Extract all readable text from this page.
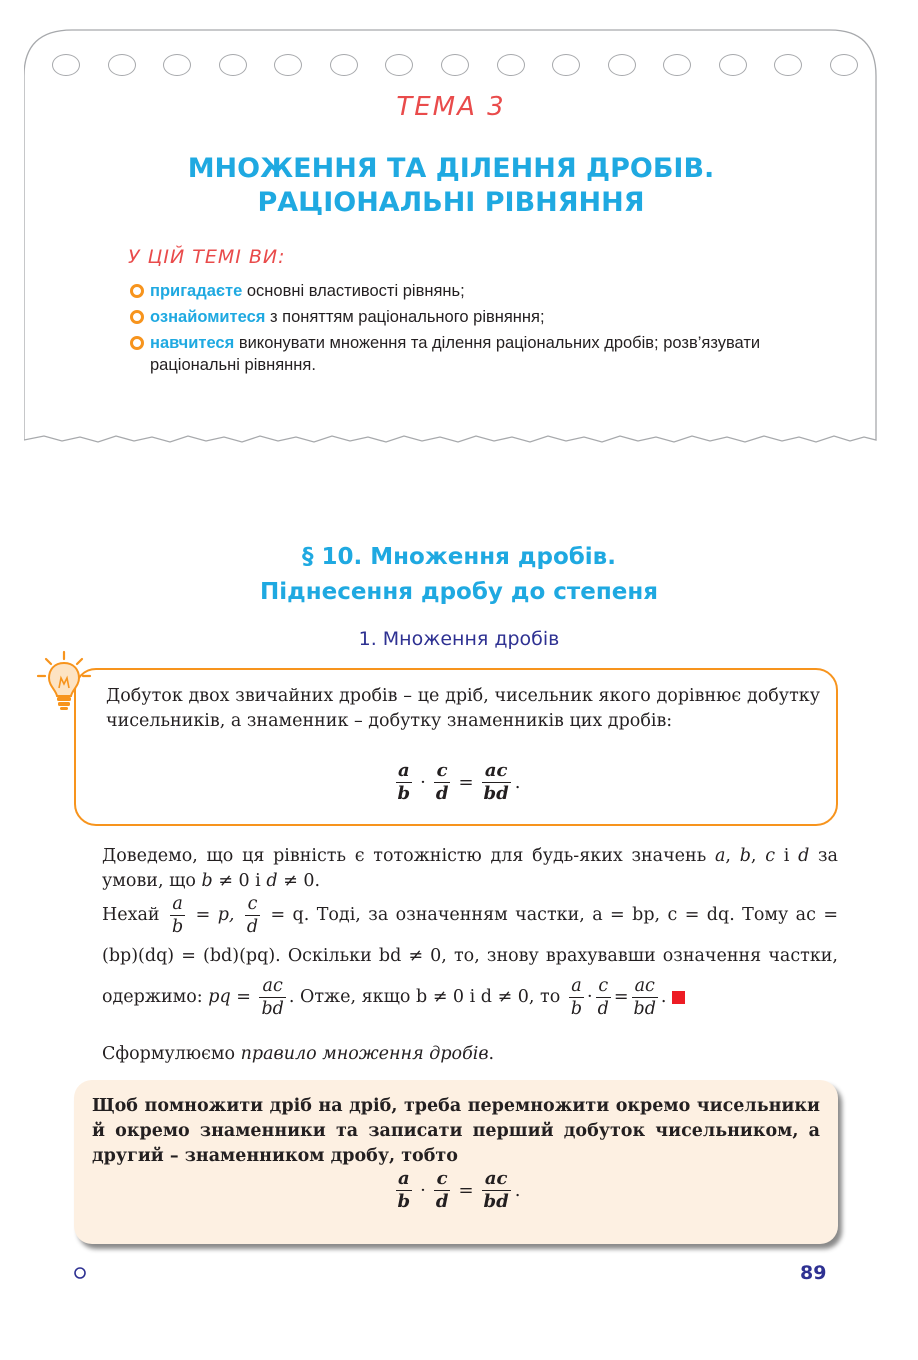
ТЕМА 3
МНОЖЕННЯ ТА ДІЛЕННЯ ДРОБІВ.
РАЦІОНАЛЬНІ РІВНЯННЯ
У ЦІЙ ТЕМІ ВИ:
пригадаєте основні властивості рівнянь;
ознайомитеся з поняттям раціонального рівняння;
навчитеся виконувати множення та ділення раціональних дробів; розв’язувати раціональні рівняння.
§ 10. Множення дробів.
Піднесення дробу до степеня
1. Множення дробів
Добуток двох звичайних дробів – це дріб, чисельник якого дорівнює добутку чисельників, а знаменник – добутку знаменників цих дробів:
$\frac{a}{b} \cdot \frac{c}{d} = \frac{ac}{bd}$ .
Доведемо, що ця рівність є тотожністю для будь-яких значень a, b, c і d за умови, що b ≠ 0 і d ≠ 0.
Нехай $\frac{a}{b} = p$, $\frac{c}{d} = q$. Тоді, за означенням частки, a = bp, c = dq. Тому ac = (bp)(dq) = (bd)(pq). Оскільки bd ≠ 0, то, знову врахувавши означення частки, одержимо: pq = $\frac{ac}{bd}$ . Отже, якщо b ≠ 0 і d ≠ 0, то $\frac{a}{b} \cdot \frac{c}{d} = \frac{ac}{bd}$ .
Сформулюємо правило множення дробів.
Щоб помножити дріб на дріб, треба перемножити окремо чисельники й окремо знаменники та записати перший добуток чисельником, а другий – знаменником дробу, тобто
$\frac{a}{b} \cdot \frac{c}{d} = \frac{ac}{bd}$ .
89
